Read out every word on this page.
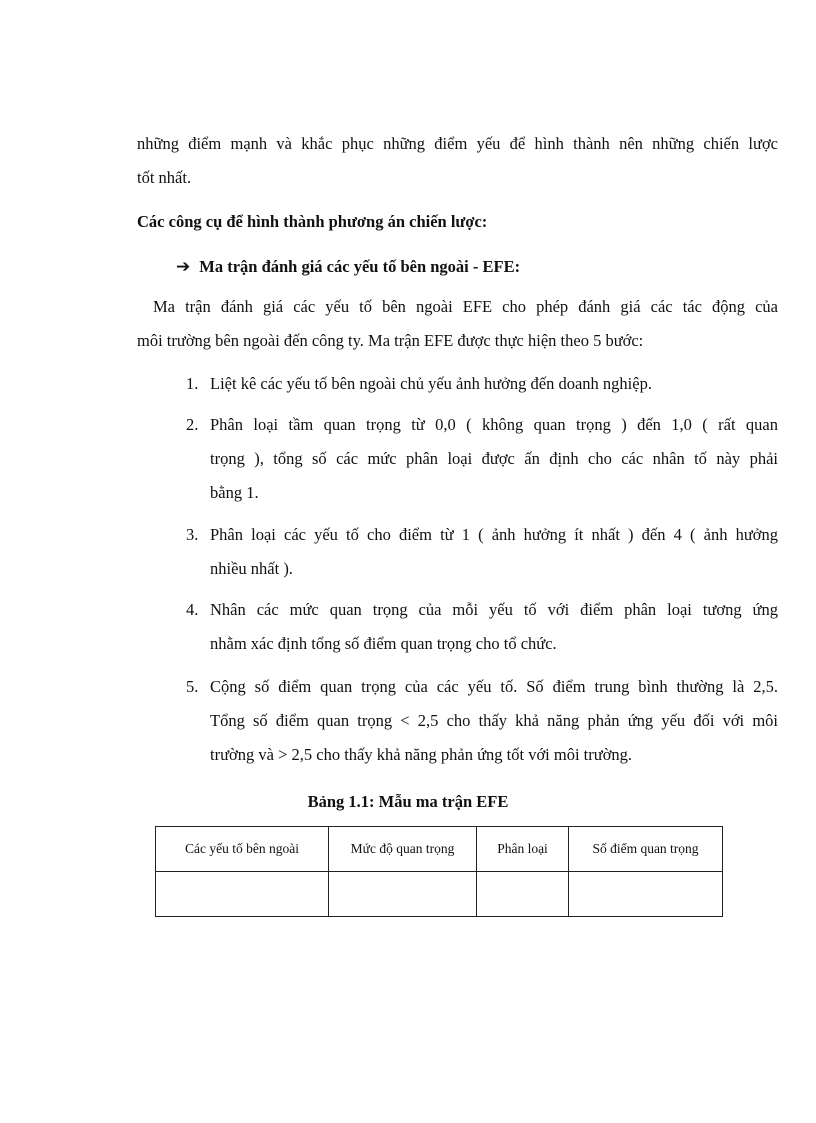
những điểm mạnh và khắc phục những điểm yếu để hình thành nên những chiến lược
tốt nhất.
Các công cụ để hình thành phương án chiến lược:
➔ Ma trận đánh giá các yếu tố bên ngoài - EFE:
Ma trận đánh giá các yếu tố bên ngoài EFE cho phép đánh giá các tác động của
môi trường bên ngoài đến công ty. Ma trận EFE được thực hiện theo 5 bước:
1. Liệt kê các yếu tố bên ngoài chủ yếu ảnh hưởng đến doanh nghiệp.
2. Phân loại tầm quan trọng từ 0,0 ( không quan trọng ) đến 1,0 ( rất quan
trọng ), tổng số các mức phân loại được ấn định cho các nhân tố này phải
bằng 1.
3. Phân loại các yếu tố cho điểm từ 1 ( ảnh hưởng ít nhất ) đến 4 ( ảnh hưởng
nhiều nhất ).
4. Nhân các mức quan trọng của mỗi yếu tố với điểm phân loại tương ứng
nhằm xác định tổng số điểm quan trọng cho tổ chức.
5. Cộng số điểm quan trọng của các yếu tố. Số điểm trung bình thường là 2,5.
Tổng số điểm quan trọng < 2,5 cho thấy khả năng phản ứng yếu đối với môi
trường và > 2,5 cho thấy khả năng phản ứng tốt với môi trường.
Bảng 1.1: Mẫu ma trận EFE
Các yếu tố bên ngoài	Mức độ quan trọng	Phân loại	Số điểm quan trọng
